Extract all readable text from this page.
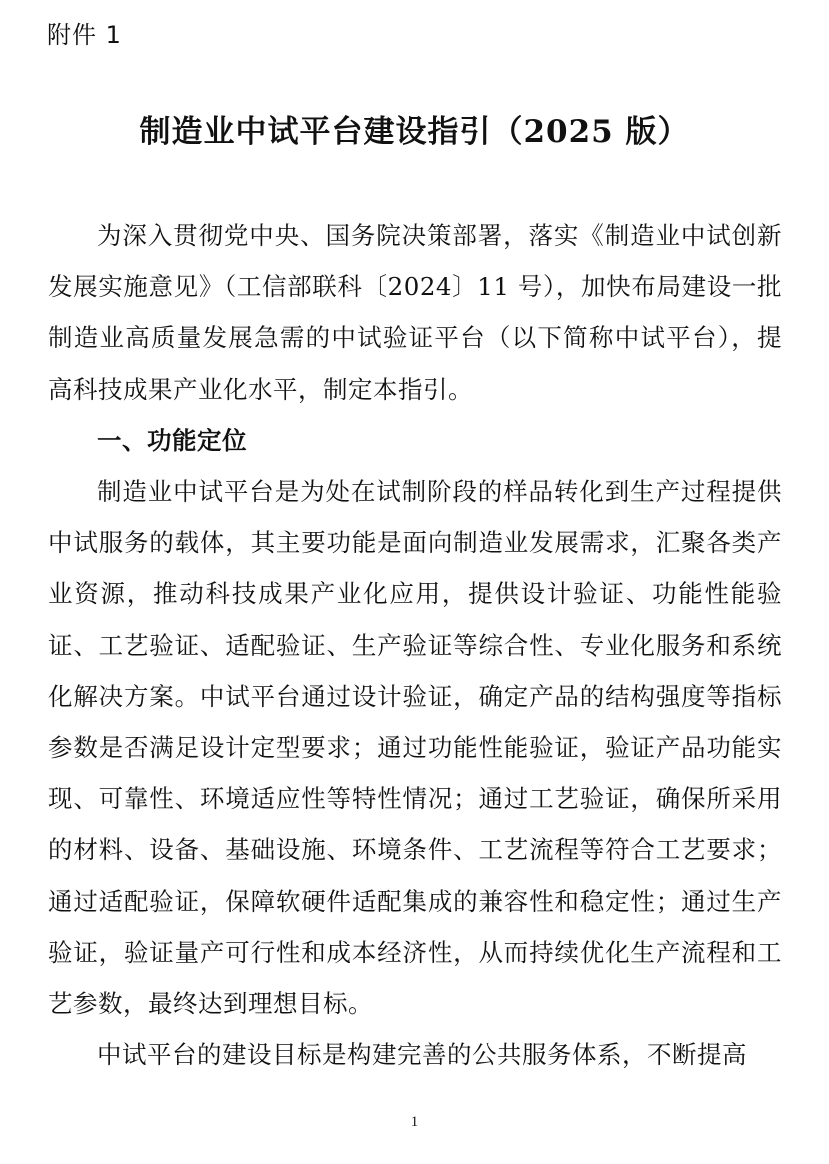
附件 1
制造业中试平台建设指引（2025 版）

为深入贯彻党中央、国务院决策部署，落实《制造业中试创新发展实施意见》（工信部联科〔2024〕11 号），加快布局建设一批制造业高质量发展急需的中试验证平台（以下简称中试平台），提高科技成果产业化水平，制定本指引。

一、功能定位

制造业中试平台是为处在试制阶段的样品转化到生产过程提供中试服务的载体，其主要功能是面向制造业发展需求，汇聚各类产业资源，推动科技成果产业化应用，提供设计验证、功能性能验证、工艺验证、适配验证、生产验证等综合性、专业化服务和系统化解决方案。中试平台通过设计验证，确定产品的结构强度等指标参数是否满足设计定型要求；通过功能性能验证，验证产品功能实现、可靠性、环境适应性等特性情况；通过工艺验证，确保所采用的材料、设备、基础设施、环境条件、工艺流程等符合工艺要求；通过适配验证，保障软硬件适配集成的兼容性和稳定性；通过生产验证，验证量产可行性和成本经济性，从而持续优化生产流程和工艺参数，最终达到理想目标。

中试平台的建设目标是构建完善的公共服务体系，不断提高

1
